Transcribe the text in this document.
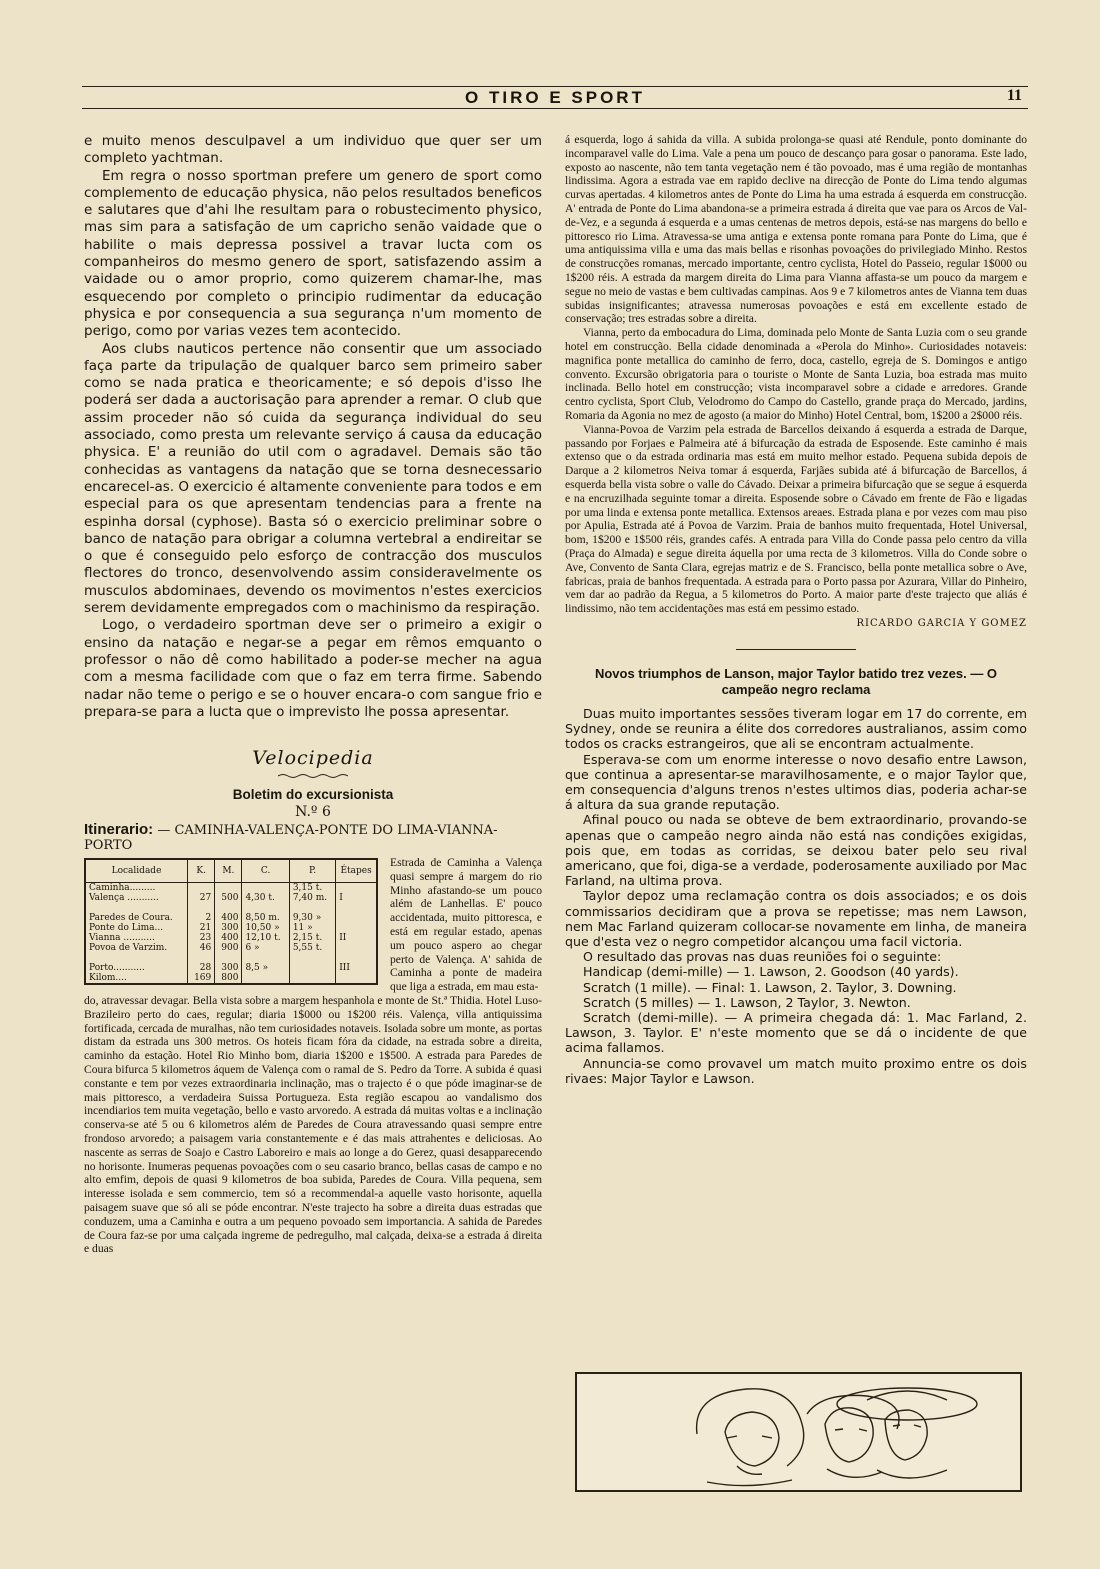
O TIRO E SPORT	11

e muito menos desculpavel a um individuo que quer ser um completo yachtman.

Em regra o nosso sportman prefere um genero de sport como complemento de educação physica, não pelos resultados beneficos e salutares que d'ahi lhe resultam para o robustecimento physico, mas sim para a satisfação de um capricho senão vaidade que o habilite o mais depressa possivel a travar lucta com os companheiros do mesmo genero de sport, satisfazendo assim a vaidade ou o amor proprio, como quizerem chamar-lhe, mas esquecendo por completo o principio rudimentar da educação physica e por consequencia a sua segurança n'um momento de perigo, como por varias vezes tem acontecido.

Aos clubs nauticos pertence não consentir que um associado faça parte da tripulação de qualquer barco sem primeiro saber como se nada pratica e theoricamente; e só depois d'isso lhe poderá ser dada a auctorisação para aprender a remar. O club que assim proceder não só cuida da segurança individual do seu associado, como presta um relevante serviço á causa da educação physica. E' a reunião do util com o agradavel. Demais são tão conhecidas as vantagens da natação que se torna desnecessario encarecel-as. O exercicio é altamente conveniente para todos e em especial para os que apresentam tendencias para a frente na espinha dorsal (cyphose). Basta só o exercicio preliminar sobre o banco de natação para obrigar a columna vertebral a endireitar se o que é conseguido pelo esforço de contracção dos musculos flectores do tronco, desenvolvendo assim consideravelmente os musculos abdominaes, devendo os movimentos n'estes exercicios serem devidamente empregados com o machinismo da respiração.

Logo, o verdadeiro sportman deve ser o primeiro a exigir o ensino da natação e negar-se a pegar em rêmos emquanto o professor o não dê como habilitado a poder-se mecher na agua com a mesma facilidade com que o faz em terra firme. Sabendo nadar não teme o perigo e se o houver encara-o com sangue frio e prepara-se para a lucta que o imprevisto lhe possa apresentar.

Velocipedia
Boletim do excursionista
N.º 6
Itinerario: — CAMINHA-VALENÇA-PONTE DO LIMA-VIANNA-PORTO
Localidade	K.	M.	C.	P.	Étapes
Caminha.........				3,15 t.	
Valença ...........	27	500	4,30 t.	7,40 m.	I

Paredes de Coura.	2	400	8,50 m.	9,30 »	
Ponte do Lima...	21	300	10,50 »	11 »	
Vianna ...........	23	400	12,10 t.	2,15 t.	II
Povoa de Varzim.	46	900	6 »	5,55 t.	

Porto...........	28	300	8,5 »		III
Kilom....	169	800			

Estrada de Caminha a Valença quasi sempre á margem do rio Minho afastando-se um pouco além de Lanhellas. E' pouco accidentada, muito pittoresca, e está em regular estado, apenas um pouco aspero ao chegar perto de Valença. A' sahida de Caminha a ponte de madeira que liga a estrada, em mau esta-

do, atravessar devagar. Bella vista sobre a margem hespanhola e monte de St.ª Thidia. Hotel Luso-Brazileiro perto do caes, regular; diaria 1$000 ou 1$200 réis. Valença, villa antiquissima fortificada, cercada de muralhas, não tem curiosidades notaveis. Isolada sobre um monte, as portas distam da estrada uns 300 metros. Os hoteis ficam fóra da cidade, na estrada sobre a direita, caminho da estação. Hotel Rio Minho bom, diaria 1$200 e 1$500. A estrada para Paredes de Coura bifurca 5 kilometros áquem de Valença com o ramal de S. Pedro da Torre. A subida é quasi constante e tem por vezes extraordinaria inclinação, mas o trajecto é o que póde imaginar-se de mais pittoresco, a verdadeira Suissa Portugueza. Esta região escapou ao vandalismo dos incendiarios tem muita vegetação, bello e vasto arvoredo. A estrada dá muitas voltas e a inclinação conserva-se até 5 ou 6 kilometros além de Paredes de Coura atravessando quasi sempre entre frondoso arvoredo; a paisagem varia constantemente e é das mais attrahentes e deliciosas. Ao nascente as serras de Soajo e Castro Laboreiro e mais ao longe a do Gerez, quasi desapparecendo no horisonte. Inumeras pequenas povoações com o seu casario branco, bellas casas de campo e no alto emfim, depois de quasi 9 kilometros de boa subida, Paredes de Coura. Villa pequena, sem interesse isolada e sem commercio, tem só a recommendal-a aquelle vasto horisonte, aquella paisagem suave que só ali se póde encontrar. N'este trajecto ha sobre a direita duas estradas que conduzem, uma a Caminha e outra a um pequeno povoado sem importancia. A sahida de Paredes de Coura faz-se por uma calçada ingreme de pedregulho, mal calçada, deixa-se a estrada á direita e duas

á esquerda, logo á sahida da villa. A subida prolonga-se quasi até Rendule, ponto dominante do incomparavel valle do Lima. Vale a pena um pouco de descanço para gosar o panorama. Este lado, exposto ao nascente, não tem tanta vegetação nem é tão povoado, mas é uma região de montanhas lindissima. Agora a estrada vae em rapido declive na direcção de Ponte do Lima tendo algumas curvas apertadas. 4 kilometros antes de Ponte do Lima ha uma estrada á esquerda em construcção. A' entrada de Ponte do Lima abandona-se a primeira estrada á direita que vae para os Arcos de Val-de-Vez, e a segunda á esquerda e a umas centenas de metros depois, está-se nas margens do bello e pittoresco rio Lima. Atravessa-se uma antiga e extensa ponte romana para Ponte do Lima, que é uma antiquissima villa e uma das mais bellas e risonhas povoações do privilegiado Minho. Restos de construcções romanas, mercado importante, centro cyclista, Hotel do Passeio, regular 1$000 ou 1$200 réis. A estrada da margem direita do Lima para Vianna affasta-se um pouco da margem e segue no meio de vastas e bem cultivadas campinas. Aos 9 e 7 kilometros antes de Vianna tem duas subidas insignificantes; atravessa numerosas povoações e está em excellente estado de conservação; tres estradas sobre a direita.

Vianna, perto da embocadura do Lima, dominada pelo Monte de Santa Luzia com o seu grande hotel em construcção. Bella cidade denominada a «Perola do Minho». Curiosidades notaveis: magnifica ponte metallica do caminho de ferro, doca, castello, egreja de S. Domingos e antigo convento. Excursão obrigatoria para o touriste o Monte de Santa Luzia, boa estrada mas muito inclinada. Bello hotel em construcção; vista incomparavel sobre a cidade e arredores. Grande centro cyclista, Sport Club, Velodromo do Campo do Castello, grande praça do Mercado, jardins, Romaria da Agonia no mez de agosto (a maior do Minho) Hotel Central, bom, 1$200 a 2$000 réis.

Vianna-Povoa de Varzim pela estrada de Barcellos deixando á esquerda a estrada de Darque, passando por Forjaes e Palmeira até á bifurcação da estrada de Esposende. Este caminho é mais extenso que o da estrada ordinaria mas está em muito melhor estado. Pequena subida depois de Darque a 2 kilometros Neiva tomar á esquerda, Farjães subida até á bifurcação de Barcellos, á esquerda bella vista sobre o valle do Cávado. Deixar a primeira bifurcação que se segue á esquerda e na encruzilhada seguinte tomar a direita. Esposende sobre o Cávado em frente de Fão e ligadas por uma linda e extensa ponte metallica. Extensos areaes. Estrada plana e por vezes com mau piso por Apulia, Estrada até á Povoa de Varzim. Praia de banhos muito frequentada, Hotel Universal, bom, 1$200 e 1$500 réis, grandes cafés. A entrada para Villa do Conde passa pelo centro da villa (Praça do Almada) e segue direita áquella por uma recta de 3 kilometros. Villa do Conde sobre o Ave, Convento de Santa Clara, egrejas matriz e de S. Francisco, bella ponte metallica sobre o Ave, fabricas, praia de banhos frequentada. A estrada para o Porto passa por Azurara, Villar do Pinheiro, vem dar ao padrão da Regua, a 5 kilometros do Porto. A maior parte d'este trajecto que aliás é lindissimo, não tem accidentações mas está em pessimo estado.

RICARDO GARCIA Y GOMEZ
Novos triumphos de Lanson, major Taylor batido trez vezes. — O campeão negro reclama

Duas muito importantes sessões tiveram logar em 17 do corrente, em Sydney, onde se reunira a élite dos corredores australianos, assim como todos os cracks estrangeiros, que ali se encontram actualmente.

Esperava-se com um enorme interesse o novo desafio entre Lawson, que continua a apresentar-se maravilhosamente, e o major Taylor que, em consequencia d'alguns trenos n'estes ultimos dias, poderia achar-se á altura da sua grande reputação.

Afinal pouco ou nada se obteve de bem extraordinario, provando-se apenas que o campeão negro ainda não está nas condições exigidas, pois que, em todas as corridas, se deixou bater pelo seu rival americano, que foi, diga-se a verdade, poderosamente auxiliado por Mac Farland, na ultima prova.

Taylor depoz uma reclamação contra os dois associados; e os dois commissarios decidiram que a prova se repetisse; mas nem Lawson, nem Mac Farland quizeram collocar-se novamente em linha, de maneira que d'esta vez o negro competidor alcançou uma facil victoria.

O resultado das provas nas duas reuniões foi o seguinte:

Handicap (demi-mille) — 1. Lawson, 2. Goodson (40 yards).

Scratch (1 mille). — Final: 1. Lawson, 2. Taylor, 3. Downing.

Scratch (5 milles) — 1. Lawson, 2 Taylor, 3. Newton.

Scratch (demi-mille). — A primeira chegada dá: 1. Mac Farland, 2. Lawson, 3. Taylor. E' n'este momento que se dá o incidente de que acima fallamos.

Annuncia-se como provavel um match muito proximo entre os dois rivaes: Major Taylor e Lawson.
